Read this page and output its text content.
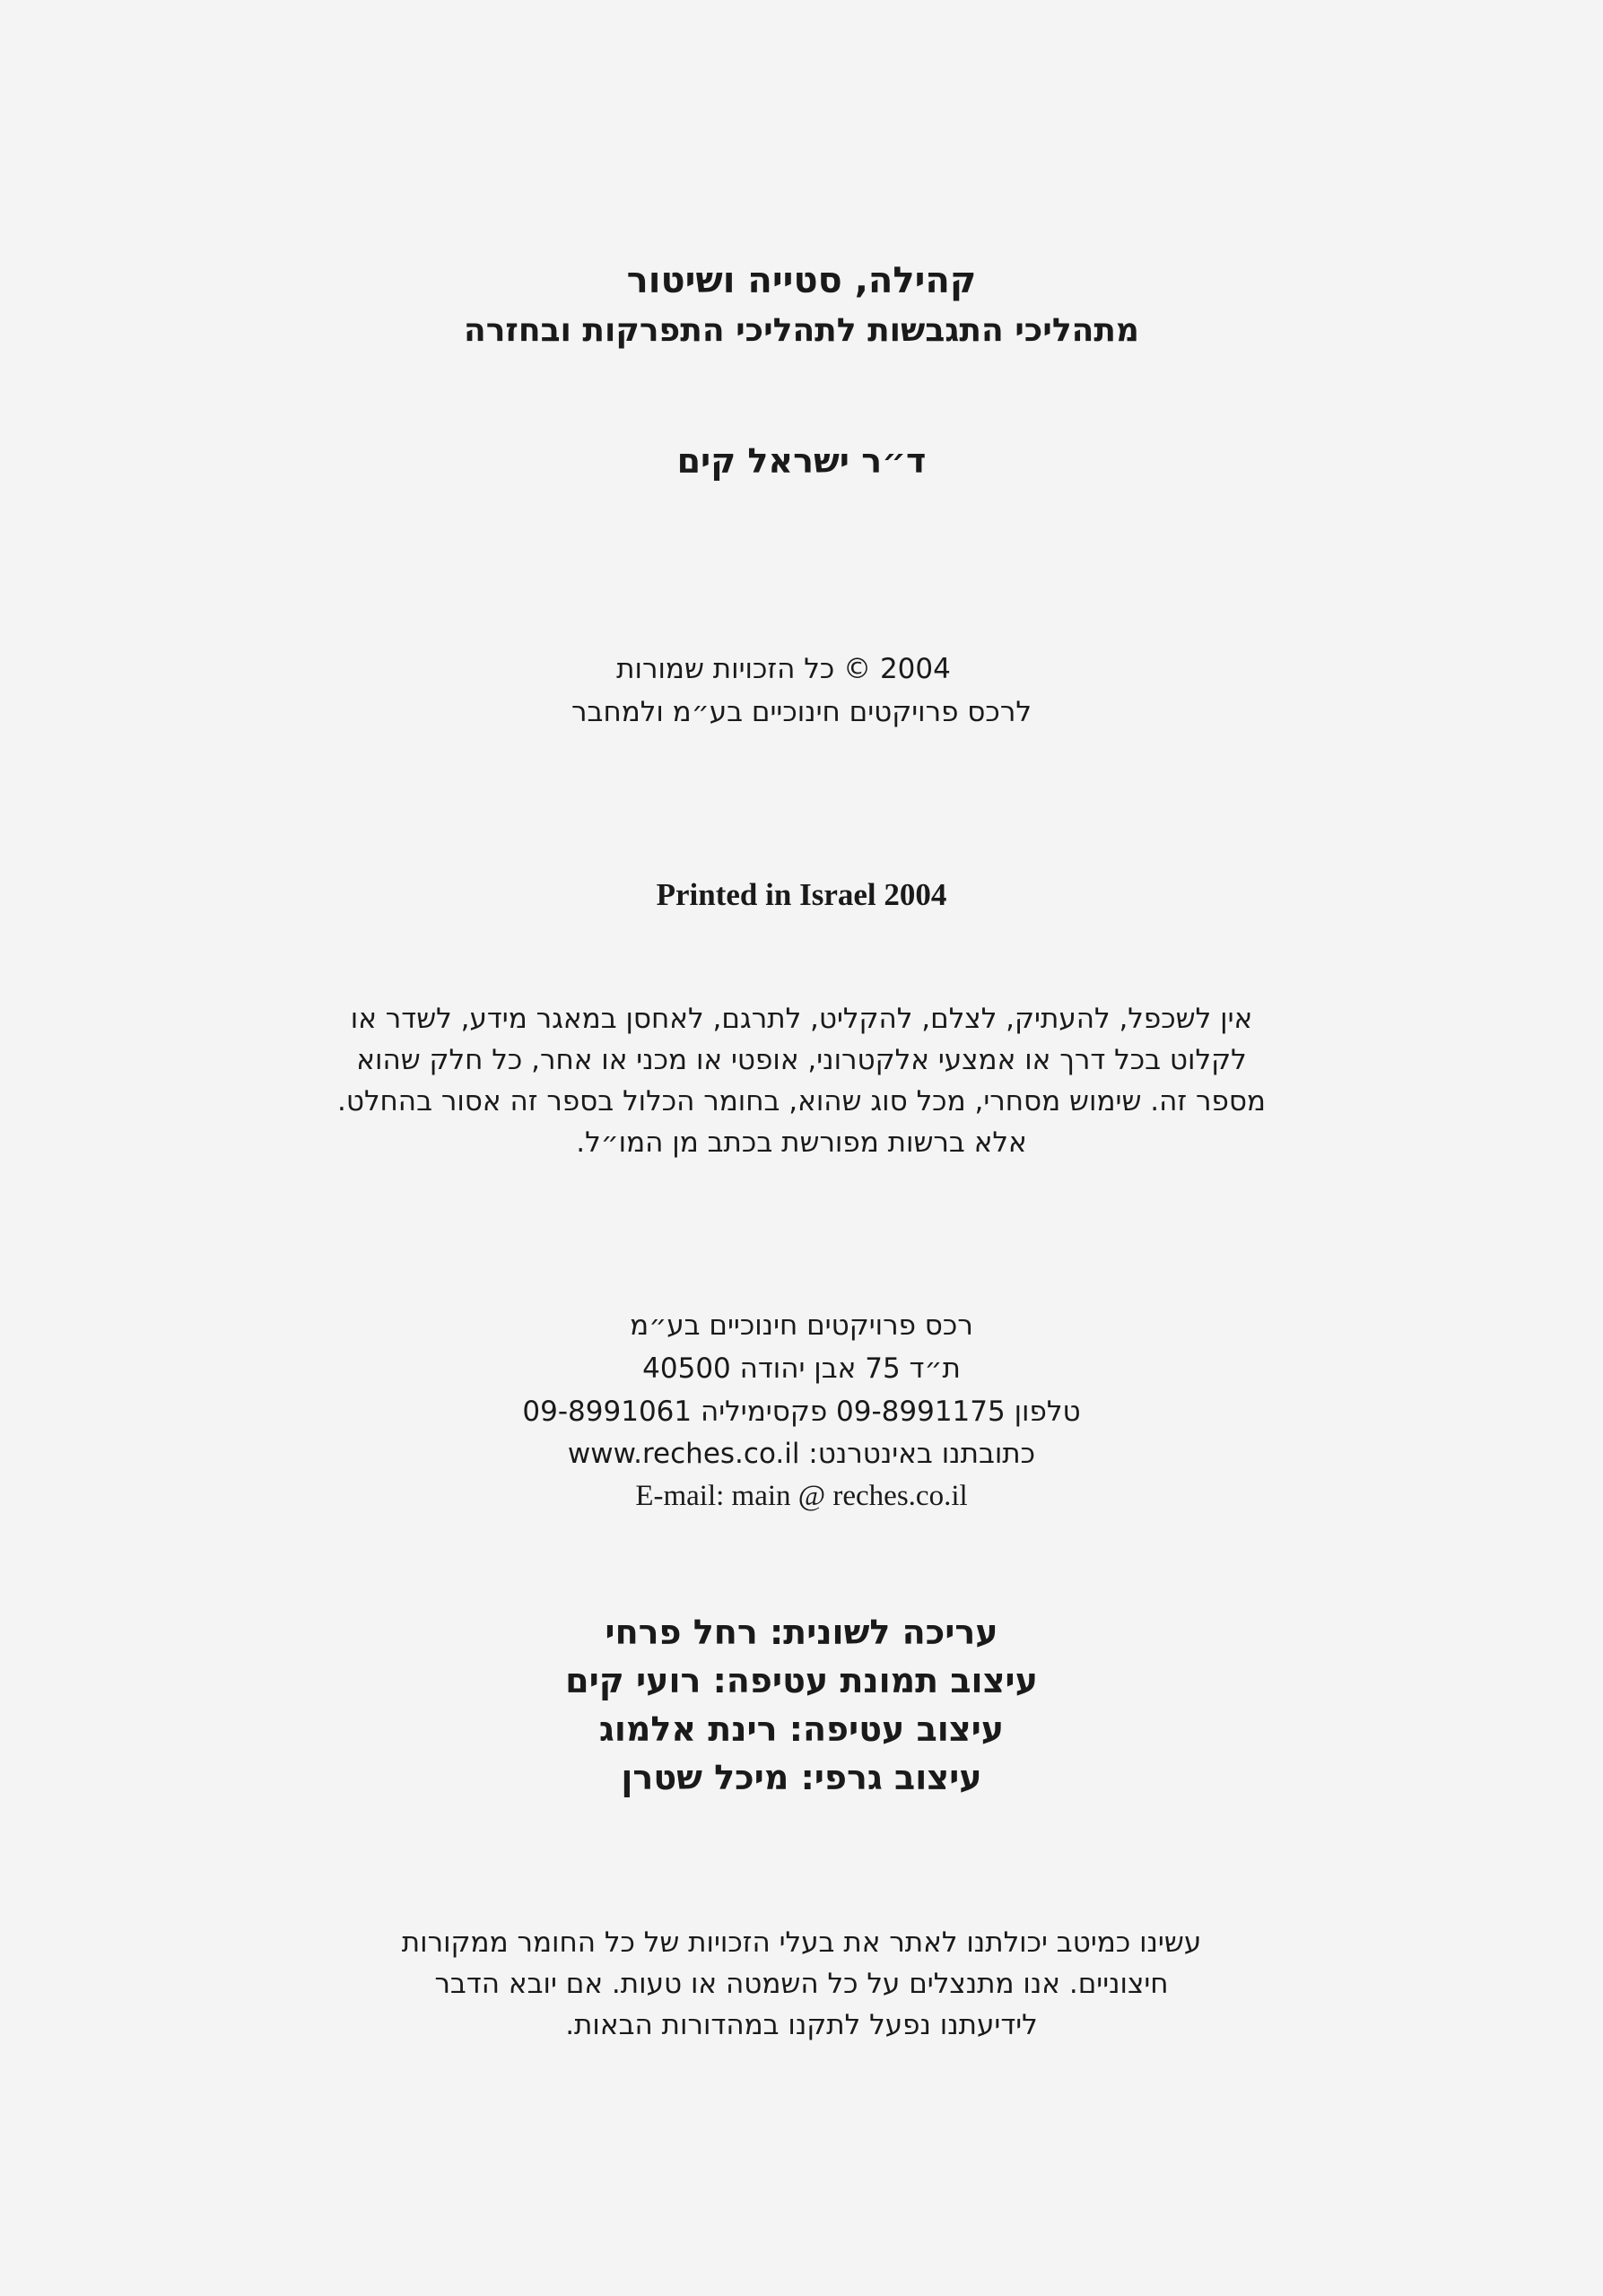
קהילה, סטייה ושיטור
מתהליכי התגבשות לתהליכי התפרקות ובחזרה
ד״ר ישראל קים
2004 © כל הזכויות שמורות
לרכס פרויקטים חינוכיים בע״מ ולמחבר
Printed in Israel 2004
אין לשכפל, להעתיק, לצלם, להקליט, לתרגם, לאחסן במאגר מידע, לשדר או
לקלוט בכל דרך או אמצעי אלקטרוני, אופטי או מכני או אחר, כל חלק שהוא
מספר זה. שימוש מסחרי, מכל סוג שהוא, בחומר הכלול בספר זה אסור בהחלט.
אלא ברשות מפורשת בכתב מן המו״ל.
רכס פרויקטים חינוכיים בע״מ
ת״ד 75 אבן יהודה 40500
טלפון 09-8991175 פקסימיליה 09-8991061
כתובתנו באינטרנט: www.reches.co.il
E-mail: main @ reches.co.il
עריכה לשונית: רחל פרחי
עיצוב תמונת עטיפה: רועי קים
עיצוב עטיפה: רינת אלמוג
עיצוב גרפי: מיכל שטרן
עשינו כמיטב יכולתנו לאתר את בעלי הזכויות של כל החומר ממקורות
חיצוניים. אנו מתנצלים על כל השמטה או טעות. אם יובא הדבר
לידיעתנו נפעל לתקנו במהדורות הבאות.
